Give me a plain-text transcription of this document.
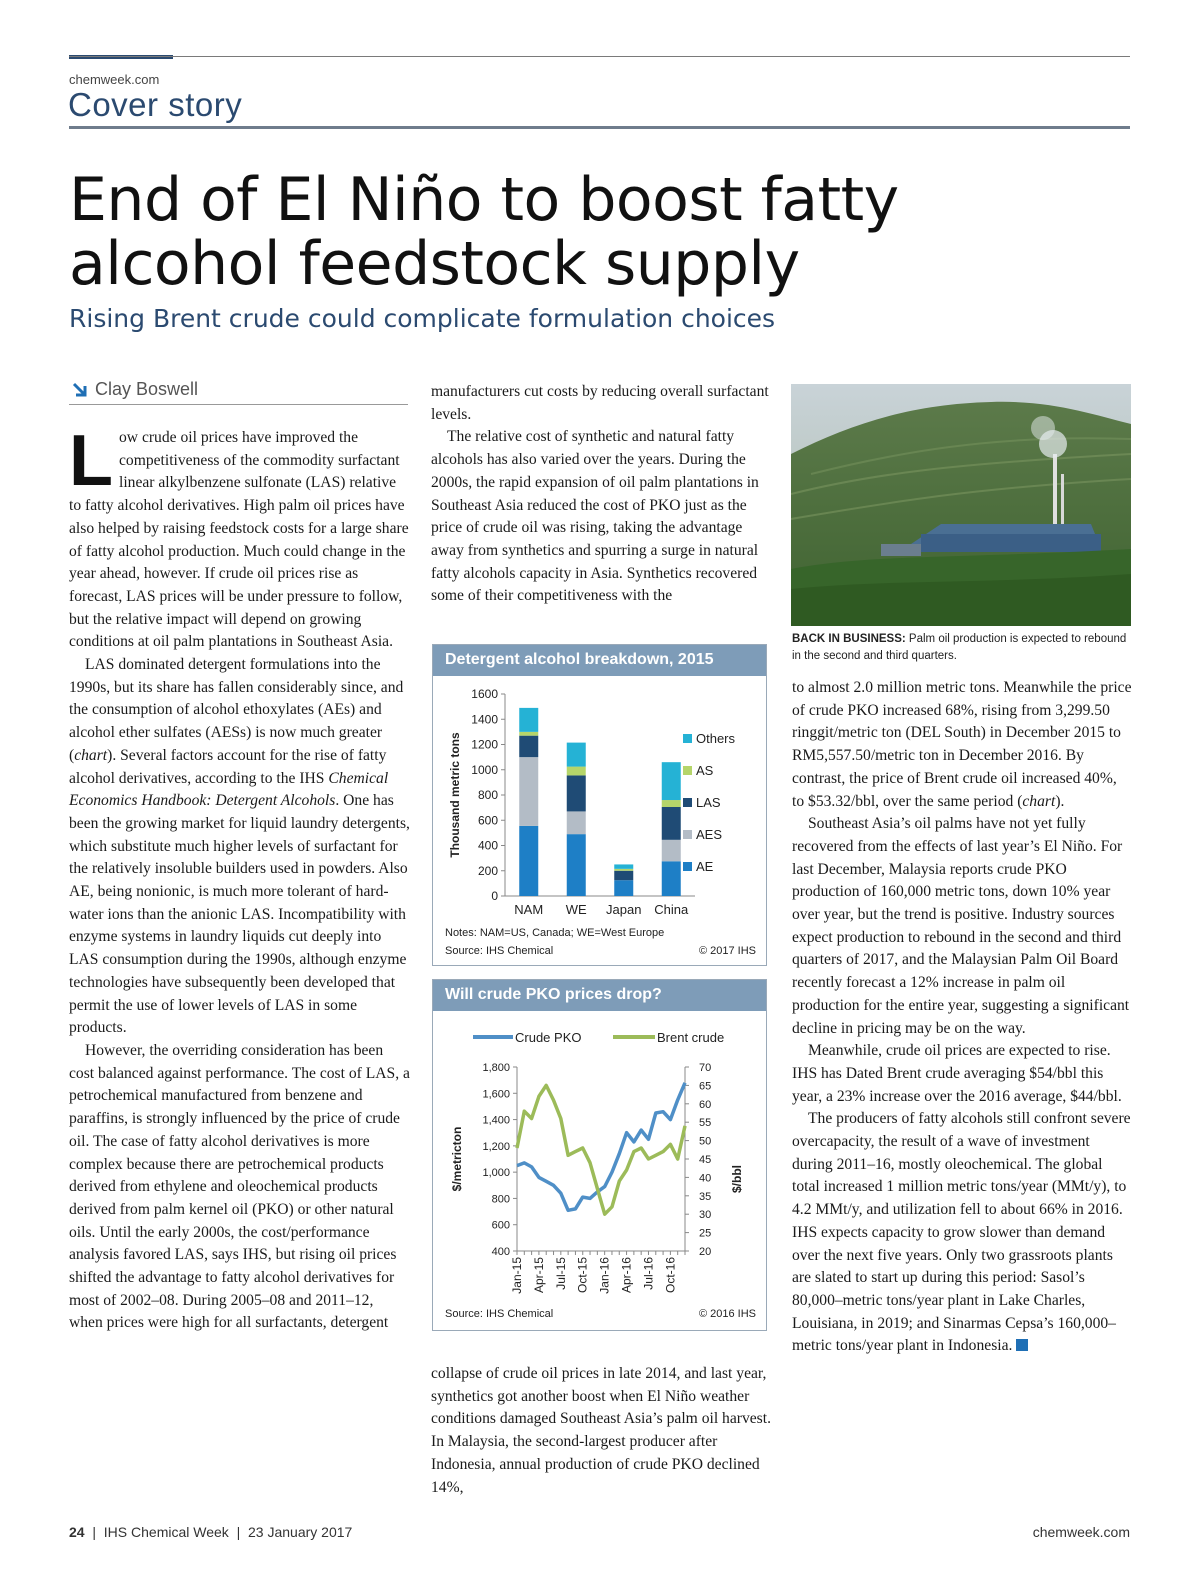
chemweek.com
Cover story
End of El Niño to boost fatty
alcohol feedstock supply
Rising Brent crude could complicate formulation choices
Clay Boswell

Low crude oil prices have improved the competitiveness of the commodity surfactant linear alkylbenzene sulfonate (LAS) relative to fatty alcohol derivatives. High palm oil prices have also helped by raising feedstock costs for a large share of fatty alcohol production. Much could change in the year ahead, however. If crude oil prices rise as forecast, LAS prices will be under pressure to follow, but the relative impact will depend on growing conditions at oil palm plantations in Southeast Asia.

LAS dominated detergent formulations into the 1990s, but its share has fallen considerably since, and the consumption of alcohol ethoxylates (AEs) and alcohol ether sulfates (AESs) is now much greater (chart). Several factors account for the rise of fatty alcohol derivatives, according to the IHS Chemical Economics Handbook: Detergent Alcohols. One has been the growing market for liquid laundry detergents, which substitute much higher levels of surfactant for the relatively insoluble builders used in powders. Also AE, being nonionic, is much more tolerant of hard-water ions than the anionic LAS. Incompatibility with enzyme systems in laundry liquids cut deeply into LAS consumption during the 1990s, although enzyme technologies have subsequently been developed that permit the use of lower levels of LAS in some products.

However, the overriding consideration has been cost balanced against performance. The cost of LAS, a petrochemical manufactured from benzene and paraffins, is strongly influenced by the price of crude oil. The case of fatty alcohol derivatives is more complex because there are petrochemical products derived from ethylene and oleochemical products derived from palm kernel oil (PKO) or other natural oils. Until the early 2000s, the cost/performance analysis favored LAS, says IHS, but rising oil prices shifted the advantage to fatty alcohol derivatives for most of 2002–08. During 2005–08 and 2011–12, when prices were high for all surfactants, detergent

manufacturers cut costs by reducing overall surfactant levels.

The relative cost of synthetic and natural fatty alcohols has also varied over the years. During the 2000s, the rapid expansion of oil palm plantations in Southeast Asia reduced the cost of PKO just as the price of crude oil was rising, taking the advantage away from synthetics and spurring a surge in natural fatty alcohols capacity in Asia. Synthetics recovered some of their competitiveness with the

Detergent alcohol breakdown, 2015
0
200
400
600
800
1000
1200
1400
1600
Thousand metric tons
NAM WE Japan China
Others
AS
LAS
AES
AE
Notes: NAM=US, Canada; WE=West Europe
Source: IHS Chemical	© 2017 IHS
Will crude PKO prices drop?
Crude PKO	Brent crude
400
600
800
1,000
1,200
1,400
1,600
1,800
20
25
30
35
40
45
50
55
60
65
70
$/metricton	$/bbl
Jan-15 Apr-15 Jul-15 Oct-15 Jan-16 Apr-16 Jul-16 Oct-16
Source: IHS Chemical	© 2016 IHS

collapse of crude oil prices in late 2014, and last year, synthetics got another boost when El Niño weather conditions damaged Southeast Asia’s palm oil harvest. In Malaysia, the second-largest producer after Indonesia, annual production of crude PKO declined 14%,

BACK IN BUSINESS: Palm oil production is expected to rebound in the second and third quarters.

to almost 2.0 million metric tons. Meanwhile the price of crude PKO increased 68%, rising from 3,299.50 ringgit/metric ton (DEL South) in December 2015 to RM5,557.50/metric ton in December 2016. By contrast, the price of Brent crude oil increased 40%, to $53.32/bbl, over the same period (chart).

Southeast Asia’s oil palms have not yet fully recovered from the effects of last year’s El Niño. For last December, Malaysia reports crude PKO production of 160,000 metric tons, down 10% year over year, but the trend is positive. Industry sources expect production to rebound in the second and third quarters of 2017, and the Malaysian Palm Oil Board recently forecast a 12% increase in palm oil production for the entire year, suggesting a significant decline in pricing may be on the way.

Meanwhile, crude oil prices are expected to rise. IHS has Dated Brent crude averaging $54/bbl this year, a 23% increase over the 2016 average, $44/bbl.

The producers of fatty alcohols still confront severe overcapacity, the result of a wave of investment during 2011–16, mostly oleochemical. The global total increased 1 million metric tons/year (MMt/y), to 4.2 MMt/y, and utilization fell to about 66% in 2016. IHS expects capacity to grow slower than demand over the next five years. Only two grassroots plants are slated to start up during this period: Sasol’s 80,000–metric tons/year plant in Lake Charles, Louisiana, in 2019; and Sinarmas Cepsa’s 160,000–metric tons/year plant in Indonesia.

24 | IHS Chemical Week | 23 January 2017	chemweek.com
